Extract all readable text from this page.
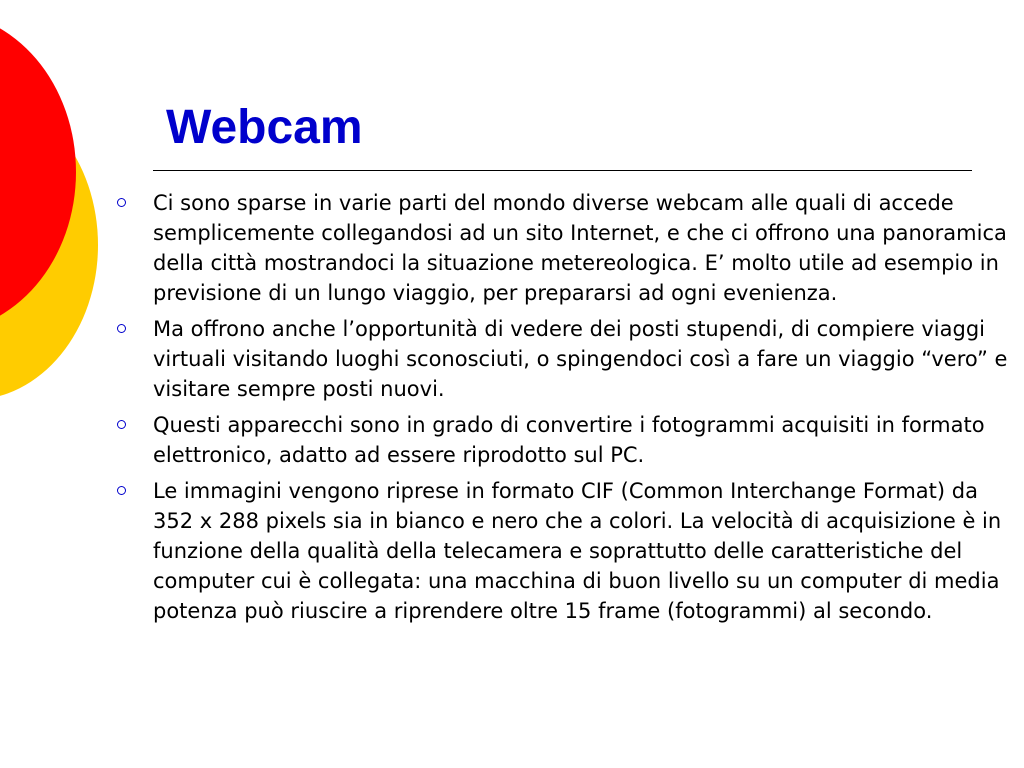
Webcam
Ci sono sparse in varie parti del mondo diverse webcam alle quali di accede semplicemente collegandosi ad un sito Internet, e che ci offrono una panoramica della città mostrandoci la situazione metereologica. E’ molto utile ad esempio in previsione di un lungo viaggio, per prepararsi ad ogni evenienza.
Ma offrono anche l’opportunità di vedere dei posti stupendi, di compiere viaggi virtuali visitando luoghi sconosciuti, o spingendoci così a fare un viaggio “vero” e visitare sempre posti nuovi.
Questi apparecchi sono in grado di convertire i fotogrammi acquisiti in formato elettronico, adatto ad essere riprodotto sul PC.
Le immagini vengono riprese in formato CIF (Common Interchange Format) da 352 x 288 pixels sia in bianco e nero che a colori. La velocità di acquisizione è in funzione della qualità della telecamera e soprattutto delle caratteristiche del computer cui è collegata: una macchina di buon livello su un computer di media potenza può riuscire a riprendere oltre 15 frame (fotogrammi) al secondo.
